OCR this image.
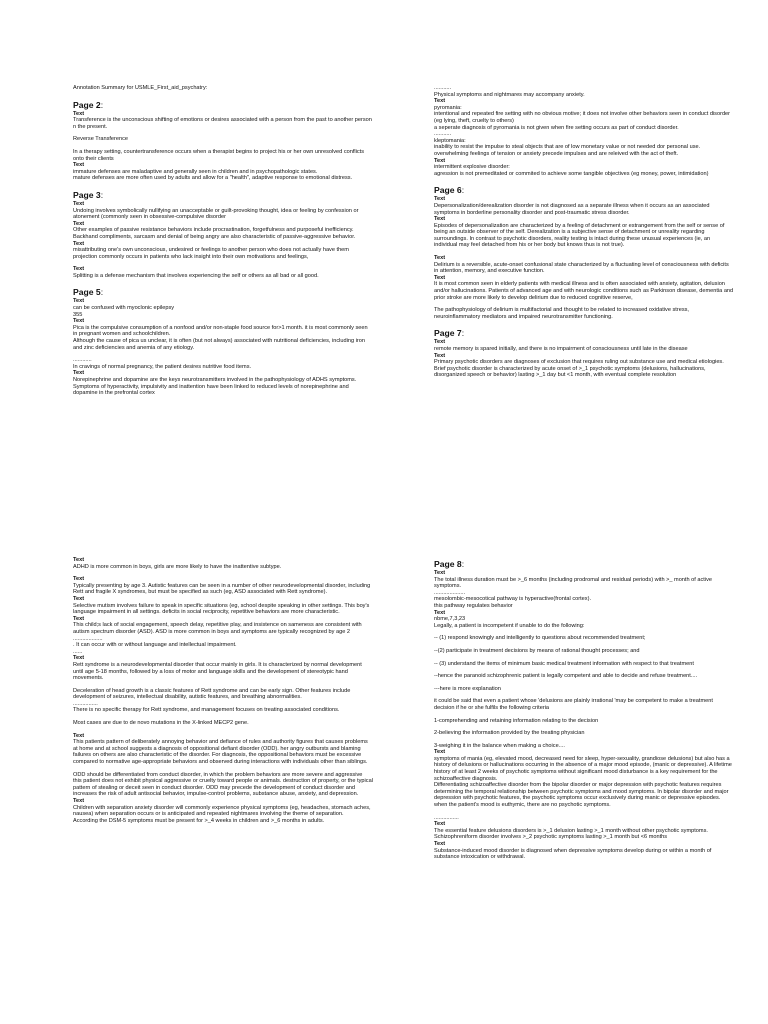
Annotation Summary for USMLE_First_aid_psychatry:

Page 2:

Text

Transference is the unconscious shifting of emotions or desires associated with a person from the past to another person n the present.

Reverse Transference

In a therapy setting, countertransference occurs when a therapist begins to project his or her own unresolved conflicts onto their clients

Text

immature defenses are maladaptive and generally seen in children and in psychopathologic states.

mature defenses are more often used by adults and allow for a "health", adaptive response to emotional distress.

Page 3:

Text

Undoing involves symbolically nullifying an unacceptable or guilt-provoking thought, idea or feeling by confession or atonement (commonly seen in obsessive-compulsive disorder

Text

Other examples of passive resistance behaviors include procrastination, forgetfulness and purposeful inefficiency. Backhand compliments, sarcasm and denial of being angry are also characteristic of passive-aggressive behavior.

Text

misattributing one's own unconscious, undesired or feelings to another person who does not actually have them

projection commonly occurs in patients who lack insight into their own motivations and feelings,

Text

Splitting is a defense mechanism that involves experiencing the self or others as all bad or all good.

Page 5:

Text

can be confused with myoclonic epilepsy

355

Text

Pica is the compulsive consumption of a nonfood and/or non-staple food source for>1 month. it is most commonly seen in pregnant women and schoolchildren.

Although the cause of pica us unclear, it is often (but not always) associated with nutritional deficiencies, including iron and zinc deficiencies and anemia of any etiology.

............

In cravings of normal pregnancy, the patient desires nutritive food items.

Text

Norepinephrine and dopamine are the keys neurotransmitters involved in the pathophysiology of ADHS symptoms. Symptoms of hyperactivity, impulsivity and inattention have been linked to reduced levels of norepinephrine and dopamine in the prefrontal cortex

...........

Physical symptoms and nightmares may accompany anxiety.

Text

pyromania:

intentional and repeated fire setting with no obvious motive; it does not involve other behaviors seen in conduct disorder (eg lying, theft, cruelty to others)

a seperate diagnosis of pyromania is not given when fire setting occurs as part of conduct disorder.

...........

kleptomania:

inability to resist the impulse to steal objects that are of low monetary value or not needed dor personal use.

overwhelming feelings of tension or anxiety precede impulses and are releived with the act of theft.

Text

intermittent explosive disorder:

agression is not premeditated or commited to achieve some tangible objectives (eg money, power, intimidation)

Page 6:

Text

Depersonalization/derealization disorder is not diagnosed as a separate illness when it occurs as an associated symptoms in borderline personality disorder and post-traumatic stress disorder.

Text

Episodes of depersonalization are characterized by a feeling of detachment or estrangement from the self or sense of being an outside observer of the self. Derealization is a subjective sense of detachment or unreality regarding surroundings. In contrast to psychotic disorders, reality testing is intact during these unusual experiences (ie, an individual may feel detached from his or her body but knows thus is not true).

Text

Delirium is a reversible, acute-onset confusional state characterized by a fluctuating level of consciousness with deficits in attention, memory, and executive function.

Text

It is most common seen in elderly patients with medical illness and is often associated with anxiety, agitation, delusion and/or hallucinations. Patients of advanced age and with neurologic conditions such as Parkinson disease, dementia and prior stroke are more likely to develop delirium due to reduced cognitive reserve,

The pathophysiology of delirium is multifactorial and thought to be related to increased oxidative stress, neuroinflammatory mediators and impaired neurotransmitter functioning.

Page 7:

Text

remote memory is spared initially, and there is no impairment of consciousness until late in the disease

Text

Primary psychotic disorders are diagnoses of exclusion that requires ruling out substance use and medical etiologies. Brief psychotic disorder is characterized by acute onset of >_1 psychotic symptoms (delusions, hallucinations, disorganized speech or behavior) lasting >_1 day but <1 month, with eventual complete resolution

Text

ADHD is more common in boys, girls are more likely to have the inattentive subtype.

Text

Typically presenting by age 3. Autistic features can be seen in a number of other neurodevelopmental disorder, including Rett and fragile X syndromes, but must be specified as such (eg, ASD associated with Rett syndrome).

Text

Selective mutism involves failure to speak in specific situations (eg, school despite speaking in other settings. This boy's language impairment in all settings. deficits in social reciprocity, repetitive behaviors are more characteristic.

Text

This child;s lack of social engagement, speech delay, repetitive play, and insistence on sameness are consistent with autism spectrum disorder (ASD). ASD is more common in boys and symptoms are typically recognized by age 2

...................

. It can occur with or without language and intellectual impairment.

......

Text

Rett syndrome is a neurodevelopmental disorder that occur mainly in girls. It is characterized by normal development until age 5-18 months, followed by a loss of motor and language skills and the development of stereotypic hand movements.

Deceleration of head growth is a classic features of Rett syndrome and can be early sign. Other features include development of seizures, intellectual disability, autistic features, and breathing abnormalities.

................

There is no specific therapy for Rett syndrome, and management focuses on treating associated conditions.

Most cases are due to de novo mutations in the X-linked MECP2 gene.

Text

This patients pattern of deliberately annoying behavior and defiance of rules and authority figures that causes problems at home and at school suggests a diagnosis of oppositional defiant disorder (ODD). her angry outbursts and blaming failures on others are also characteristic of the disorder. For diagnosis, the oppositional behaviors must be excessive compared to normative age-appropriate behaviors and observed during interactions with individuals other than siblings.

ODD should be differentiated from conduct disorder, in which the problem behaviors are more severe and aggressive

this patient does not exhibit physical aggressive or cruelty toward people or animals. destruction of property, or the typical pattern of stealing or deceit seen in conduct disorder. ODD may precede the development of conduct disorder and increases the risk of adult antisocial behavior, impulse-control problems, substance abuse, anxiety, and depression.

Text

Children with separation anxiety disorder will commonly experience physical symptoms (eg, headaches, stomach aches, nausea) when separation occurs or is anticipated and repeated nightmares involving the theme of separation.

According the DSM-5 symptoms must be present for >_4 weeks in children and >_6 months in adults.

Page 8:

Text

The total illness duration must be >_6 months (including prodromal and residual periods) with >_ month of active symptoms.

....................

mesolombic-mesocotical pathway is hyperactive(frontal cortex).

this pathway regulates behavior

Text

nbme,7,3,23

Legally, a patient is incompetent if unable to do the following:

-- (1) respond knowingly and intelligently to questions about recommended treatment;

--(2) participate in treatment decisions by means of rational thought processes; and

-- (3) understand the items of minimum basic medical treatment information with respect to that treatment

--hence the paranoid schizophrenic patient is legally competent and able to decide and refuse treatment....

---here is more explanation

it could be said that even a patient whose 'delusions are plainly irrational 'may be competent to make a treatment decision if he or she fulfils the following criteria

1-comprehending and retaining information relating to the decision

2-believing the information provided by the treating physician

3-weighing it in the balance when making a choice....

Text

symptoms of mania (eg, elevated mood, decreased need for sleep, hyper-sexuality, grandiose delusions) but also has a history of delusions or hallucinations occurring in the absence of a major mood episode, (manic or depressive). A lifetime history of at least 2 weeks of psychotic symptoms without significant mood disturbance is a key requirement for the schizoaffective diagnosis.

Differentiating schizoaffective disorder from the bipolar disorder or major depression with psychotic features requires determining the temporal relationship between psychotic symptoms and mood symptoms. In bipolar disorder and major depression with psychotic features, the psychotic symptoms occur exclusively during manic or depressive episodes. when the patient's mood is euthymic, there are no psychotic symptoms.

................

Text

The essential feature delusions disorders is >_1 delusion lasting >_1 month without other psychotic symptoms.

Schizophreniform disorder involves >_2 psychotic symptoms lasting >_1 month but <6 months

Text

Substance-induced mood disorder is diagnosed when depressive symptoms develop during or within a month of substance intoxication or withdrawal.
